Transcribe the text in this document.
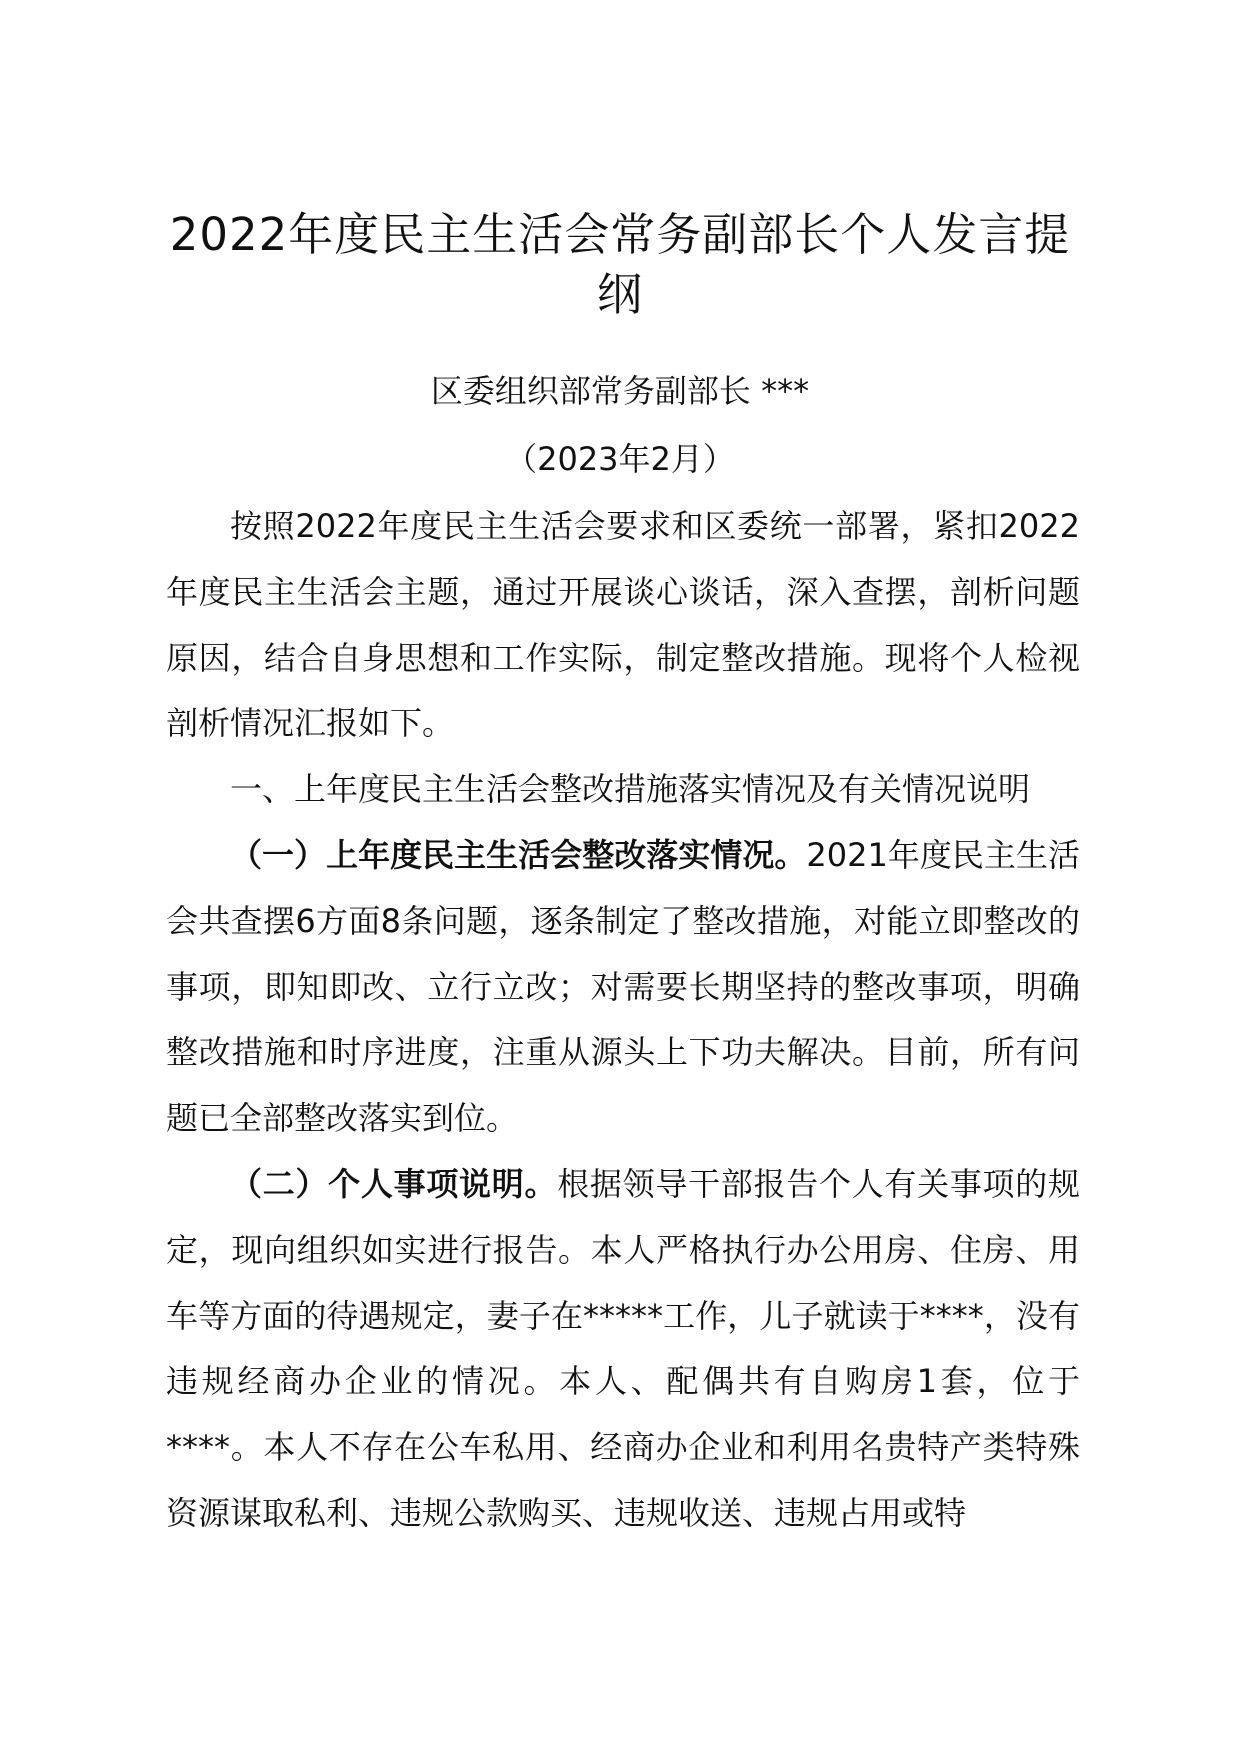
2022年度民主生活会常务副部长个人发言提纲

区委组织部常务副部长 ***

（2023年2月）

按照2022年度民主生活会要求和区委统一部署，紧扣2022年度民主生活会主题，通过开展谈心谈话，深入查摆，剖析问题原因，结合自身思想和工作实际，制定整改措施。现将个人检视剖析情况汇报如下。

一、上年度民主生活会整改措施落实情况及有关情况说明

（一）上年度民主生活会整改落实情况。2021年度民主生活会共查摆6方面8条问题，逐条制定了整改措施，对能立即整改的事项，即知即改、立行立改；对需要长期坚持的整改事项，明确整改措施和时序进度，注重从源头上下功夫解决。目前，所有问题已全部整改落实到位。

（二）个人事项说明。根据领导干部报告个人有关事项的规定，现向组织如实进行报告。本人严格执行办公用房、住房、用车等方面的待遇规定，妻子在*****工作，儿子就读于****，没有违规经商办企业的情况。本人、配偶共有自购房1套，位于****。本人不存在公车私用、经商办企业和利用名贵特产类特殊资源谋取私利、违规公款购买、违规收送、违规占用或特
